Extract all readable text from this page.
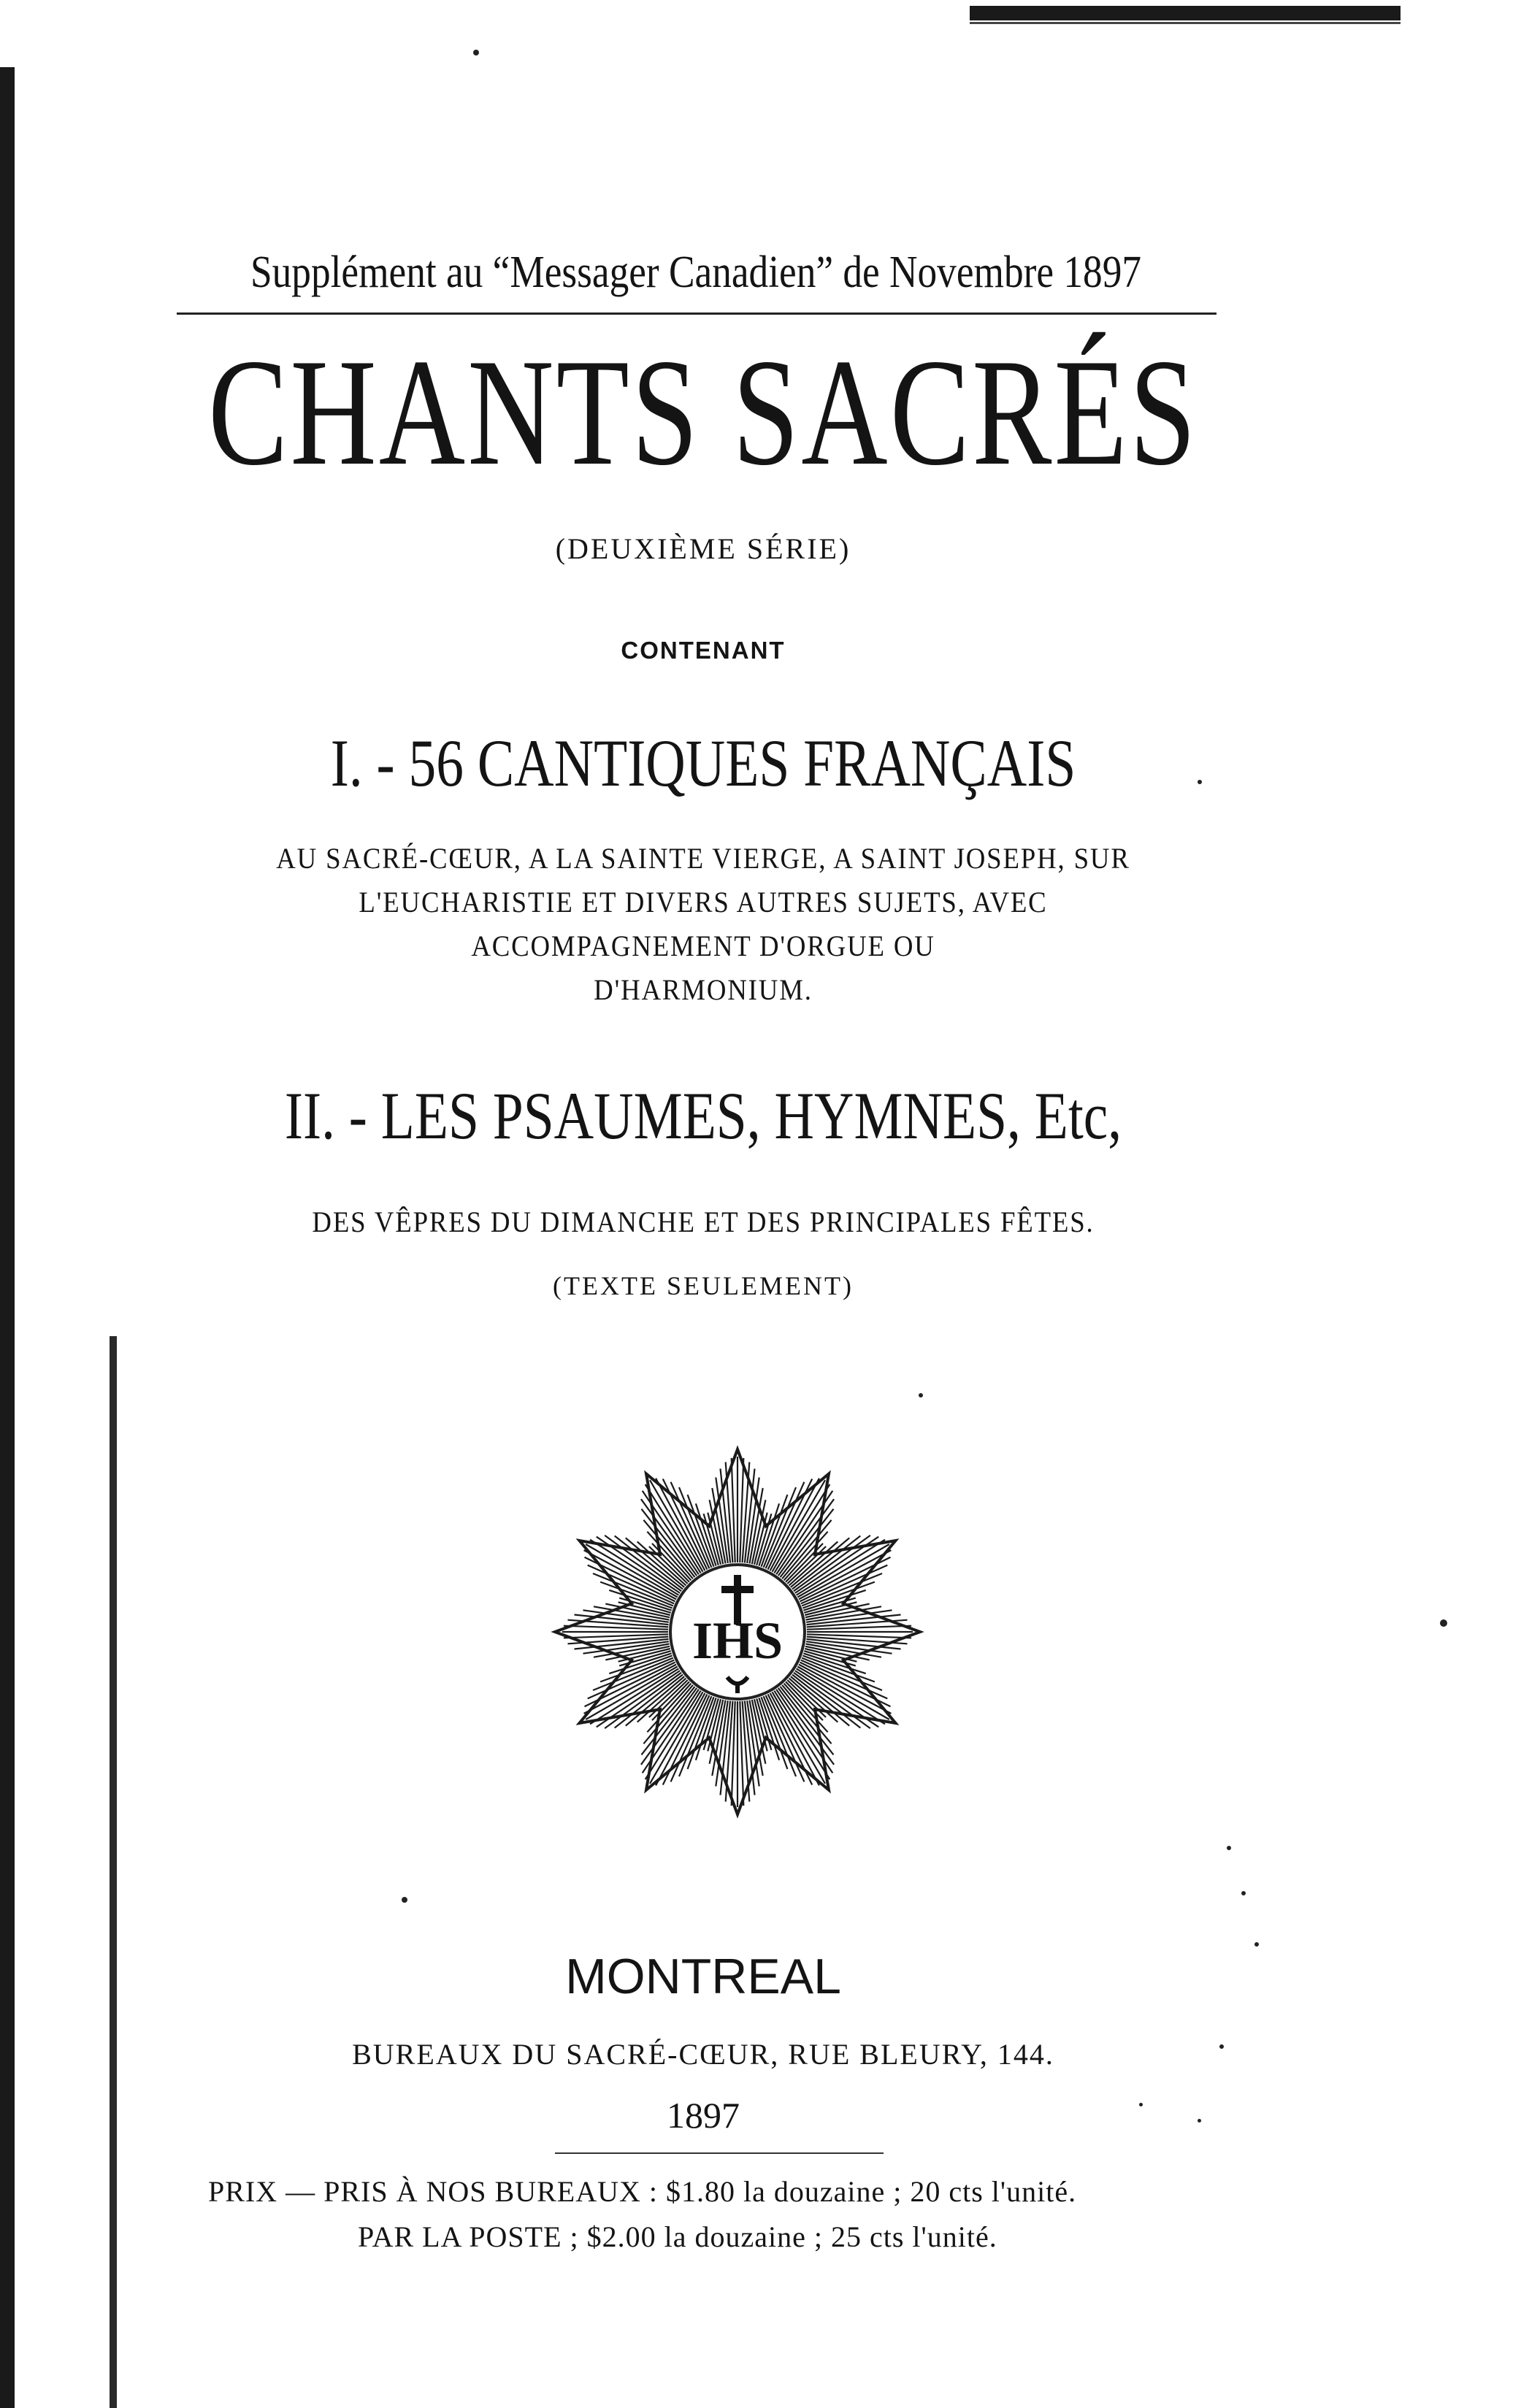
Supplément au “Messager Canadien” de Novembre 1897
CHANTS SACRÉS
(DEUXIÈME SÉRIE)
CONTENANT
I. - 56 CANTIQUES FRANÇAIS
AU SACRÉ-CŒUR, A LA SAINTE VIERGE, A SAINT JOSEPH, SUR
L'EUCHARISTIE ET DIVERS AUTRES SUJETS, AVEC
ACCOMPAGNEMENT D'ORGUE OU
D'HARMONIUM.
II. - LES PSAUMES, HYMNES, Etc,
DES VÊPRES DU DIMANCHE ET DES PRINCIPALES FÊTES.
(TEXTE SEULEMENT)
IHS
MONTREAL
BUREAUX DU SACRÉ-CŒUR, RUE BLEURY, 144.
1897
PRIX — PRIS À NOS BUREAUX : $1.80 la douzaine ; 20 cts l'unité.
PAR LA POSTE ; $2.00 la douzaine ; 25 cts l'unité.
